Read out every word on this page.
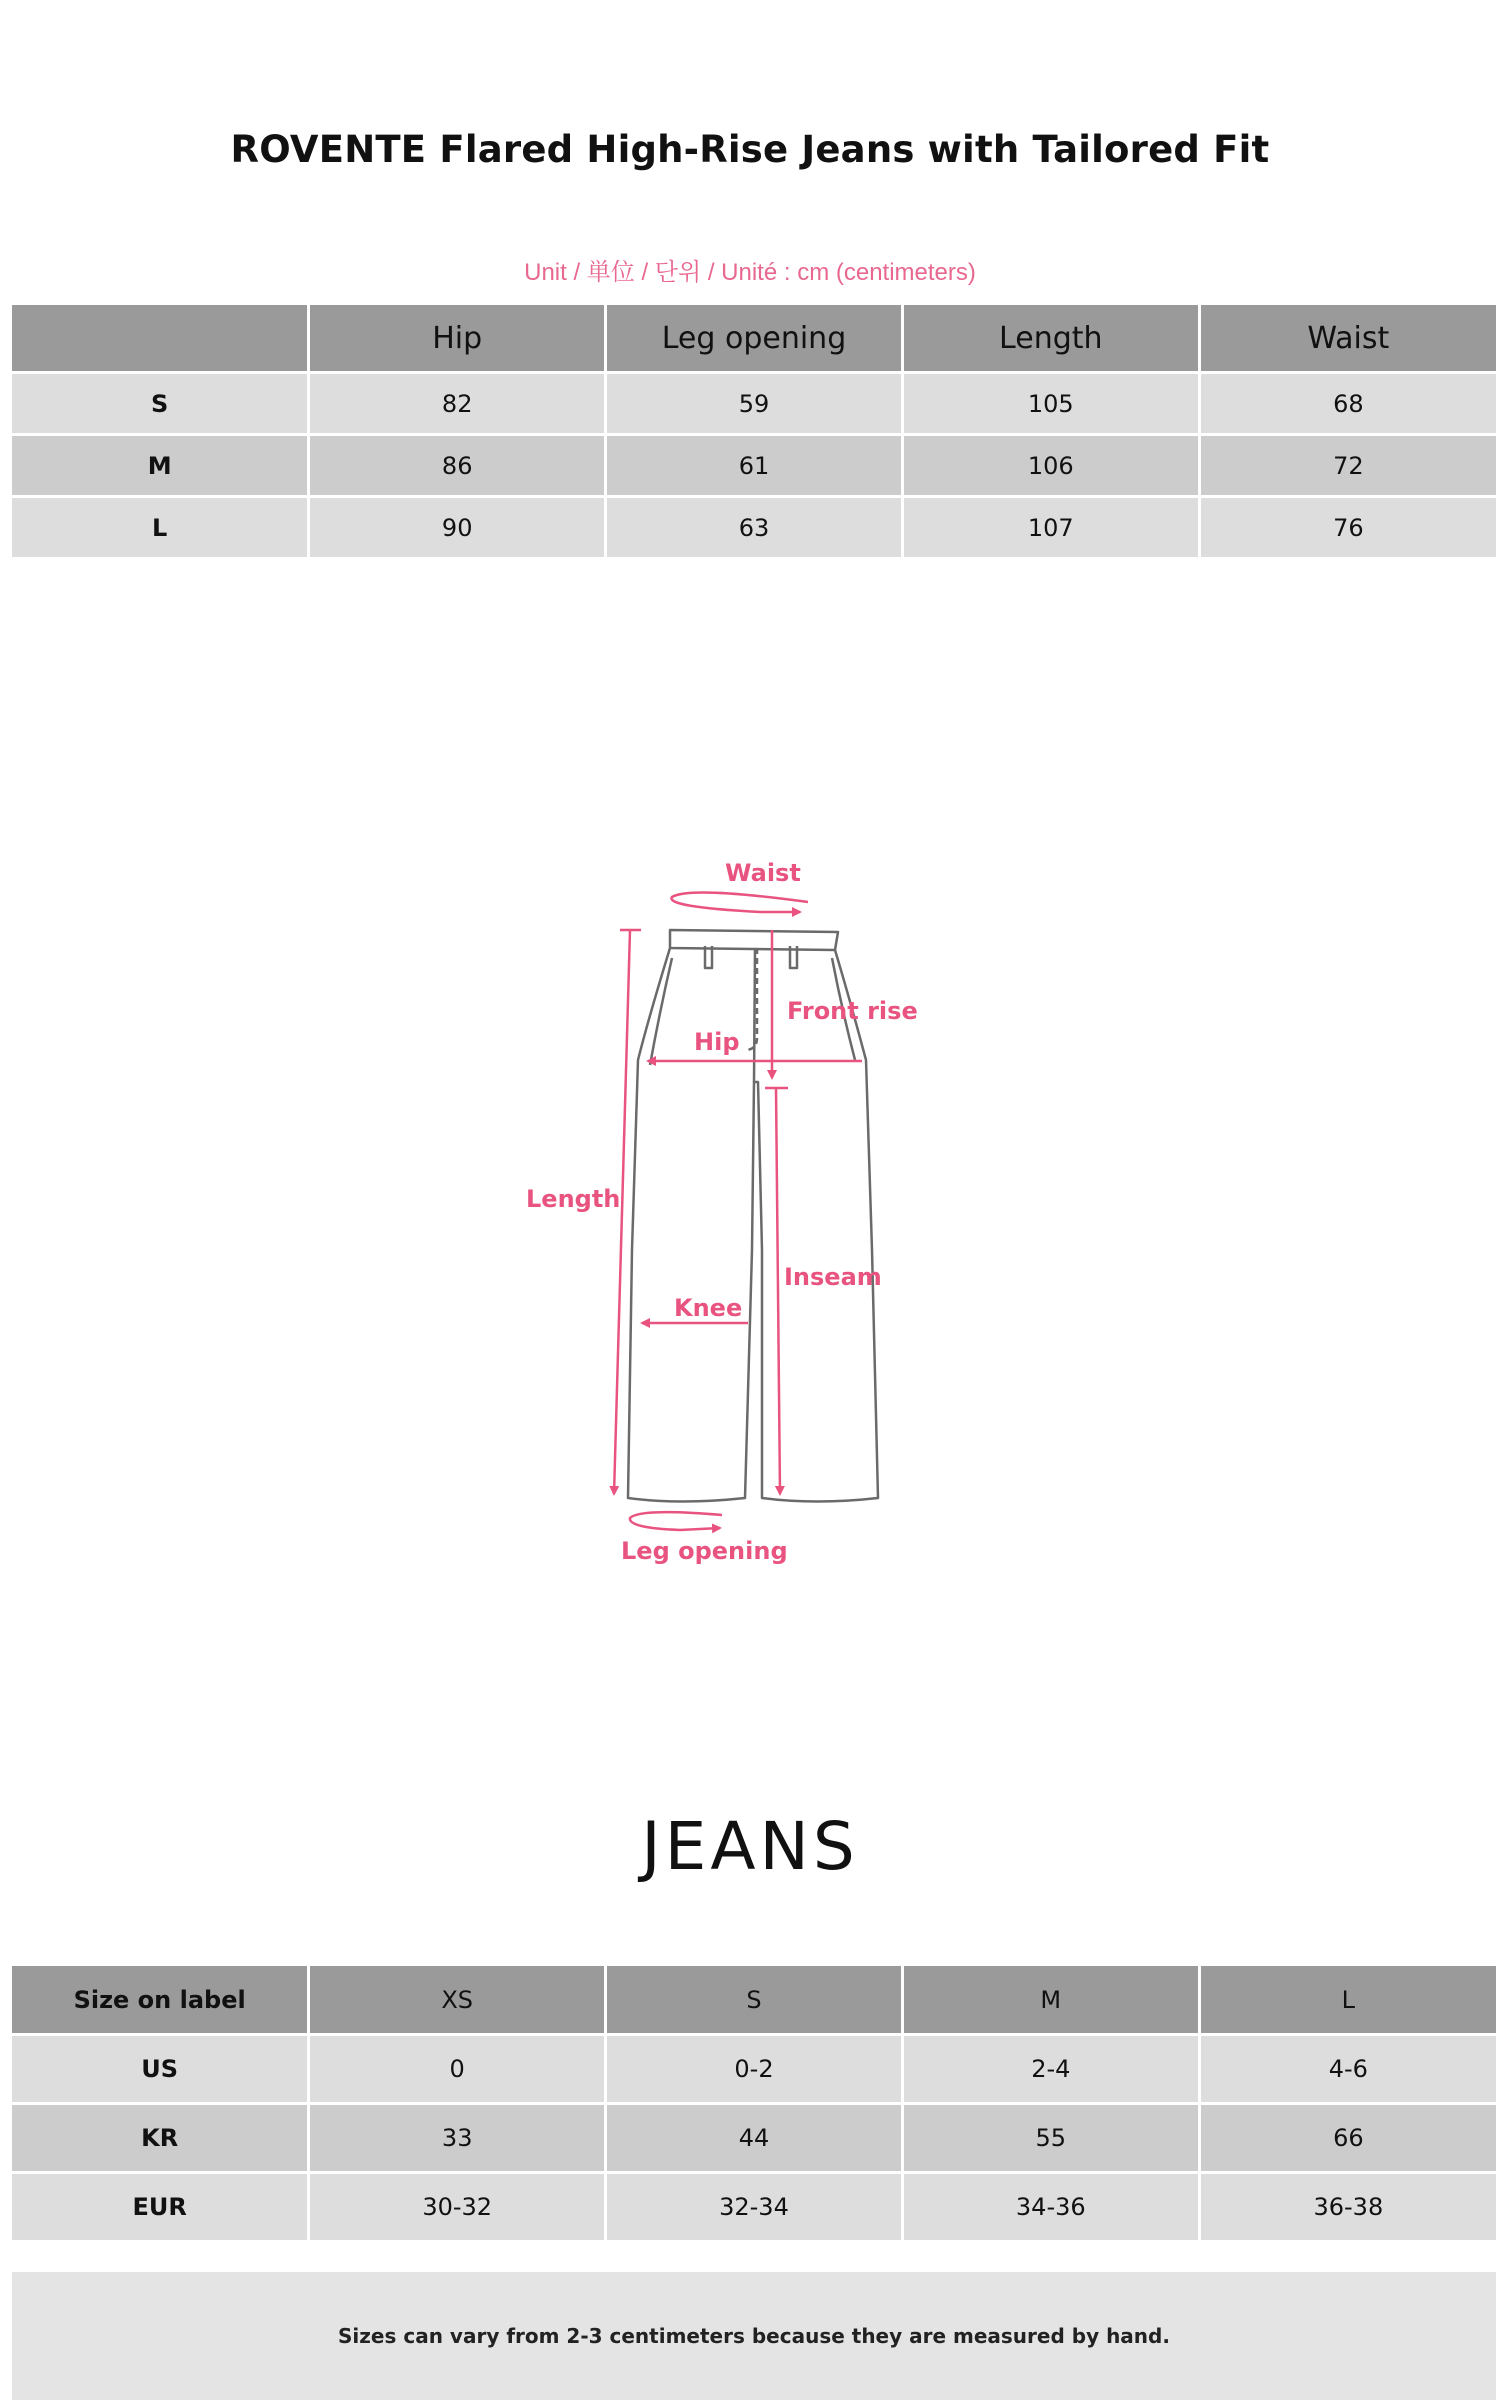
ROVENTE Flared High-Rise Jeans with Tailored Fit
Unit / 単位 / 단위 / Unité : cm (centimeters)
	Hip	Leg opening	Length	Waist
S	82	59	105	68
M	86	61	106	72
L	90	63	107	76
Waist
Front rise
Hip
Length
Inseam
Knee
Leg opening
JEANS
Size on label	XS	S	M	L
US	0	0-2	2-4	4-6
KR	33	44	55	66
EUR	30-32	32-34	34-36	36-38
Sizes can vary from 2-3 centimeters because they are measured by hand.
